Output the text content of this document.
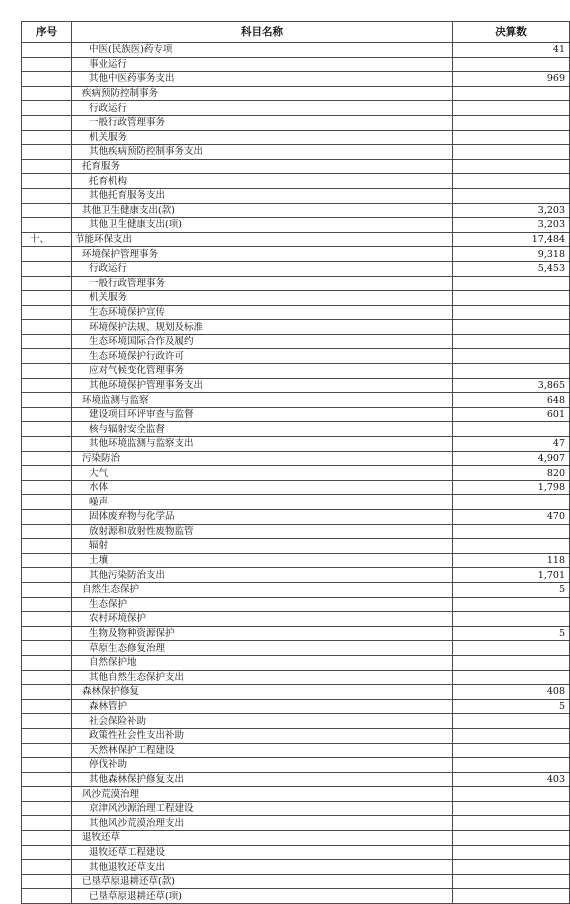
序号	科目名称	决算数
	中医(民族医)药专项	41
	事业运行	
	其他中医药事务支出	969
	疾病预防控制事务	
	行政运行	
	一般行政管理事务	
	机关服务	
	其他疾病预防控制事务支出	
	托育服务	
	托育机构	
	其他托育服务支出	
	其他卫生健康支出(款)	3,203
	其他卫生健康支出(项)	3,203
十、	节能环保支出	17,484
	环境保护管理事务	9,318
	行政运行	5,453
	一般行政管理事务	
	机关服务	
	生态环境保护宣传	
	环境保护法规、规划及标准	
	生态环境国际合作及履约	
	生态环境保护行政许可	
	应对气候变化管理事务	
	其他环境保护管理事务支出	3,865
	环境监测与监察	648
	建设项目环评审查与监督	601
	核与辐射安全监督	
	其他环境监测与监察支出	47
	污染防治	4,907
	大气	820
	水体	1,798
	噪声	
	固体废弃物与化学品	470
	放射源和放射性废物监管	
	辐射	
	土壤	118
	其他污染防治支出	1,701
	自然生态保护	5
	生态保护	
	农村环境保护	
	生物及物种资源保护	5
	草原生态修复治理	
	自然保护地	
	其他自然生态保护支出	
	森林保护修复	408
	森林管护	5
	社会保险补助	
	政策性社会性支出补助	
	天然林保护工程建设	
	停伐补助	
	其他森林保护修复支出	403
	风沙荒漠治理	
	京津风沙源治理工程建设	
	其他风沙荒漠治理支出	
	退牧还草	
	退牧还草工程建设	
	其他退牧还草支出	
	已垦草原退耕还草(款)	
	已垦草原退耕还草(项)	
